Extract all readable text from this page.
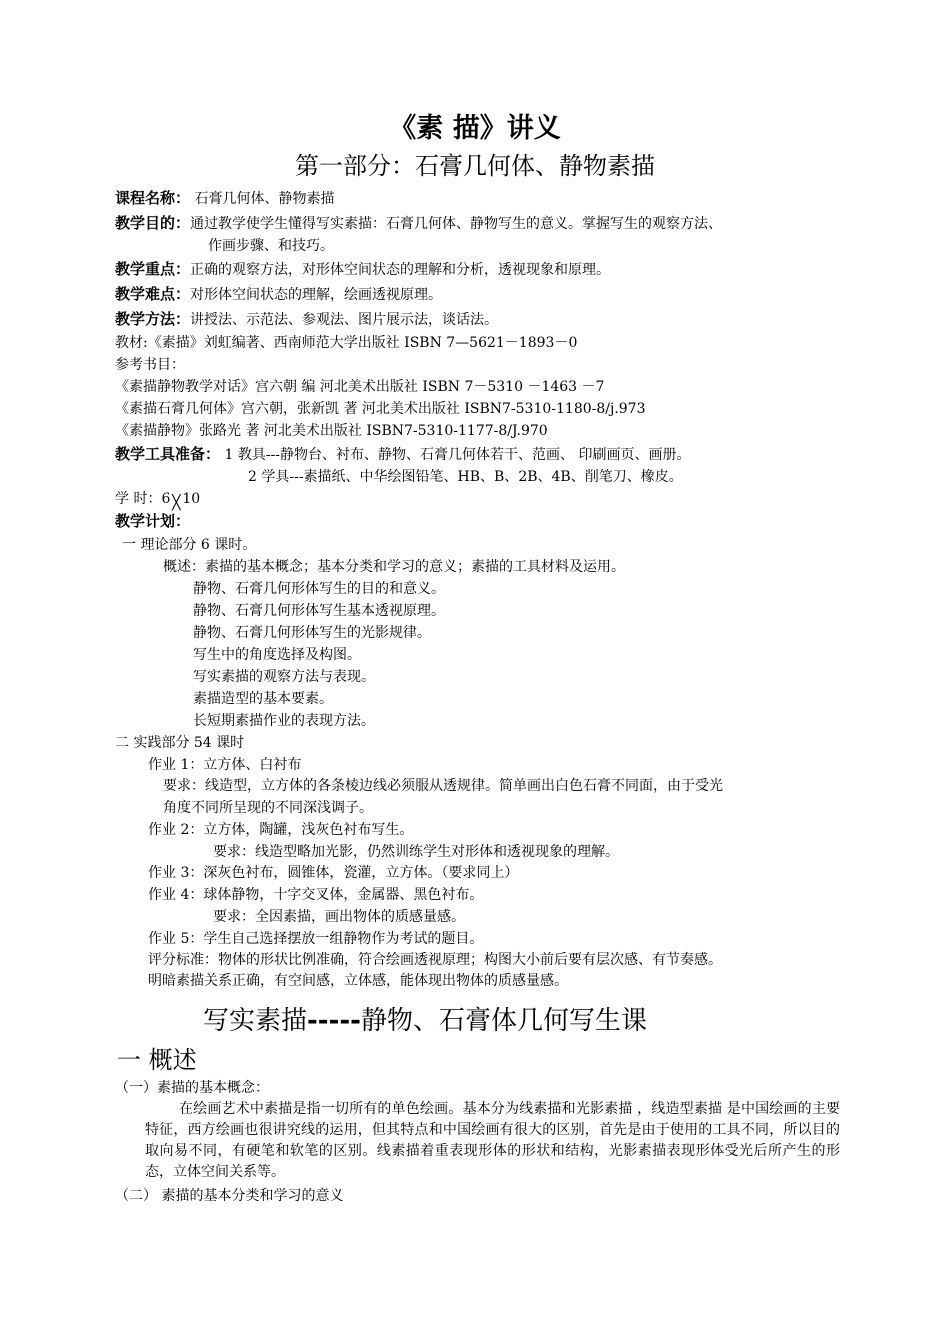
《素 描》讲义
第一部分：石膏几何体、静物素描
课程名称： 石膏几何体、静物素描
教学目的：通过教学使学生懂得写实素描：石膏几何体、静物写生的意义。掌握写生的观察方法、
作画步骤、和技巧。
教学重点：正确的观察方法，对形体空间状态的理解和分析，透视现象和原理。
教学难点：对形体空间状态的理解，绘画透视原理。
教学方法：讲授法、示范法、参观法、图片展示法，谈话法。
教材:《素描》刘虹编著、西南师范大学出版社 ISBN 7—5621－1893－0
参考书目：
《素描静物教学对话》宫六朝 编 河北美术出版社 ISBN 7－5310 －1463 －7
《素描石膏几何体》宫六朝，张新凯 著 河北美术出版社 ISBN7-5310-1180-8/j.973
《素描静物》张路光 著 河北美术出版社 ISBN7-5310-1177-8/J.970
教学工具准备： 1 教具---静物台、衬布、静物、石膏几何体若干、范画、 印刷画页、画册。
2 学具---素描纸、中华绘图铅笔、HB、B、2B、4B、削笔刀、橡皮。
学 时：6 ╳ 10
教学计划：
一 理论部分 6 课时。
概述：素描的基本概念；基本分类和学习的意义；素描的工具材料及运用。
静物、石膏几何形体写生的目的和意义。
静物、石膏几何形体写生基本透视原理。
静物、石膏几何形体写生的光影规律。
写生中的角度选择及构图。
写实素描的观察方法与表现。
素描造型的基本要素。
长短期素描作业的表现方法。
二 实践部分 54 课时
作业 1：立方体、白衬布
要求：线造型，立方体的各条棱边线必须服从透规律。简单画出白色石膏不同面，由于受光
角度不同所呈现的不同深浅调子。
作业 2：立方体，陶罐，浅灰色衬布写生。
要求：线造型略加光影，仍然训练学生对形体和透视现象的理解。
作业 3：深灰色衬布，圆锥体，瓷灌，立方体。（要求同上）
作业 4：球体静物，十字交叉体，金属器、黑色衬布。
要求：全因素描，画出物体的质感量感。
作业 5：学生自己选择摆放一组静物作为考试的题目。
评分标准：物体的形状比例准确，符合绘画透视原理；构图大小前后要有层次感、有节奏感。
明暗素描关系正确，有空间感，立体感，能体现出物体的质感量感。
写实素描-----静物、石膏体几何写生课
一 概述
（一）素描的基本概念：
在绘画艺术中素描是指一切所有的单色绘画。基本分为线素描和光影素描 ，线造型素描 是中国绘画的主要特征，西方绘画也很讲究线的运用，但其特点和中国绘画有很大的区别，首先是由于使用的工具不同，所以目的取向易不同，有硬笔和软笔的区别。线素描着重表现形体的形状和结构，光影素描表现形体受光后所产生的形态，立体空间关系等。
（二） 素描的基本分类和学习的意义
